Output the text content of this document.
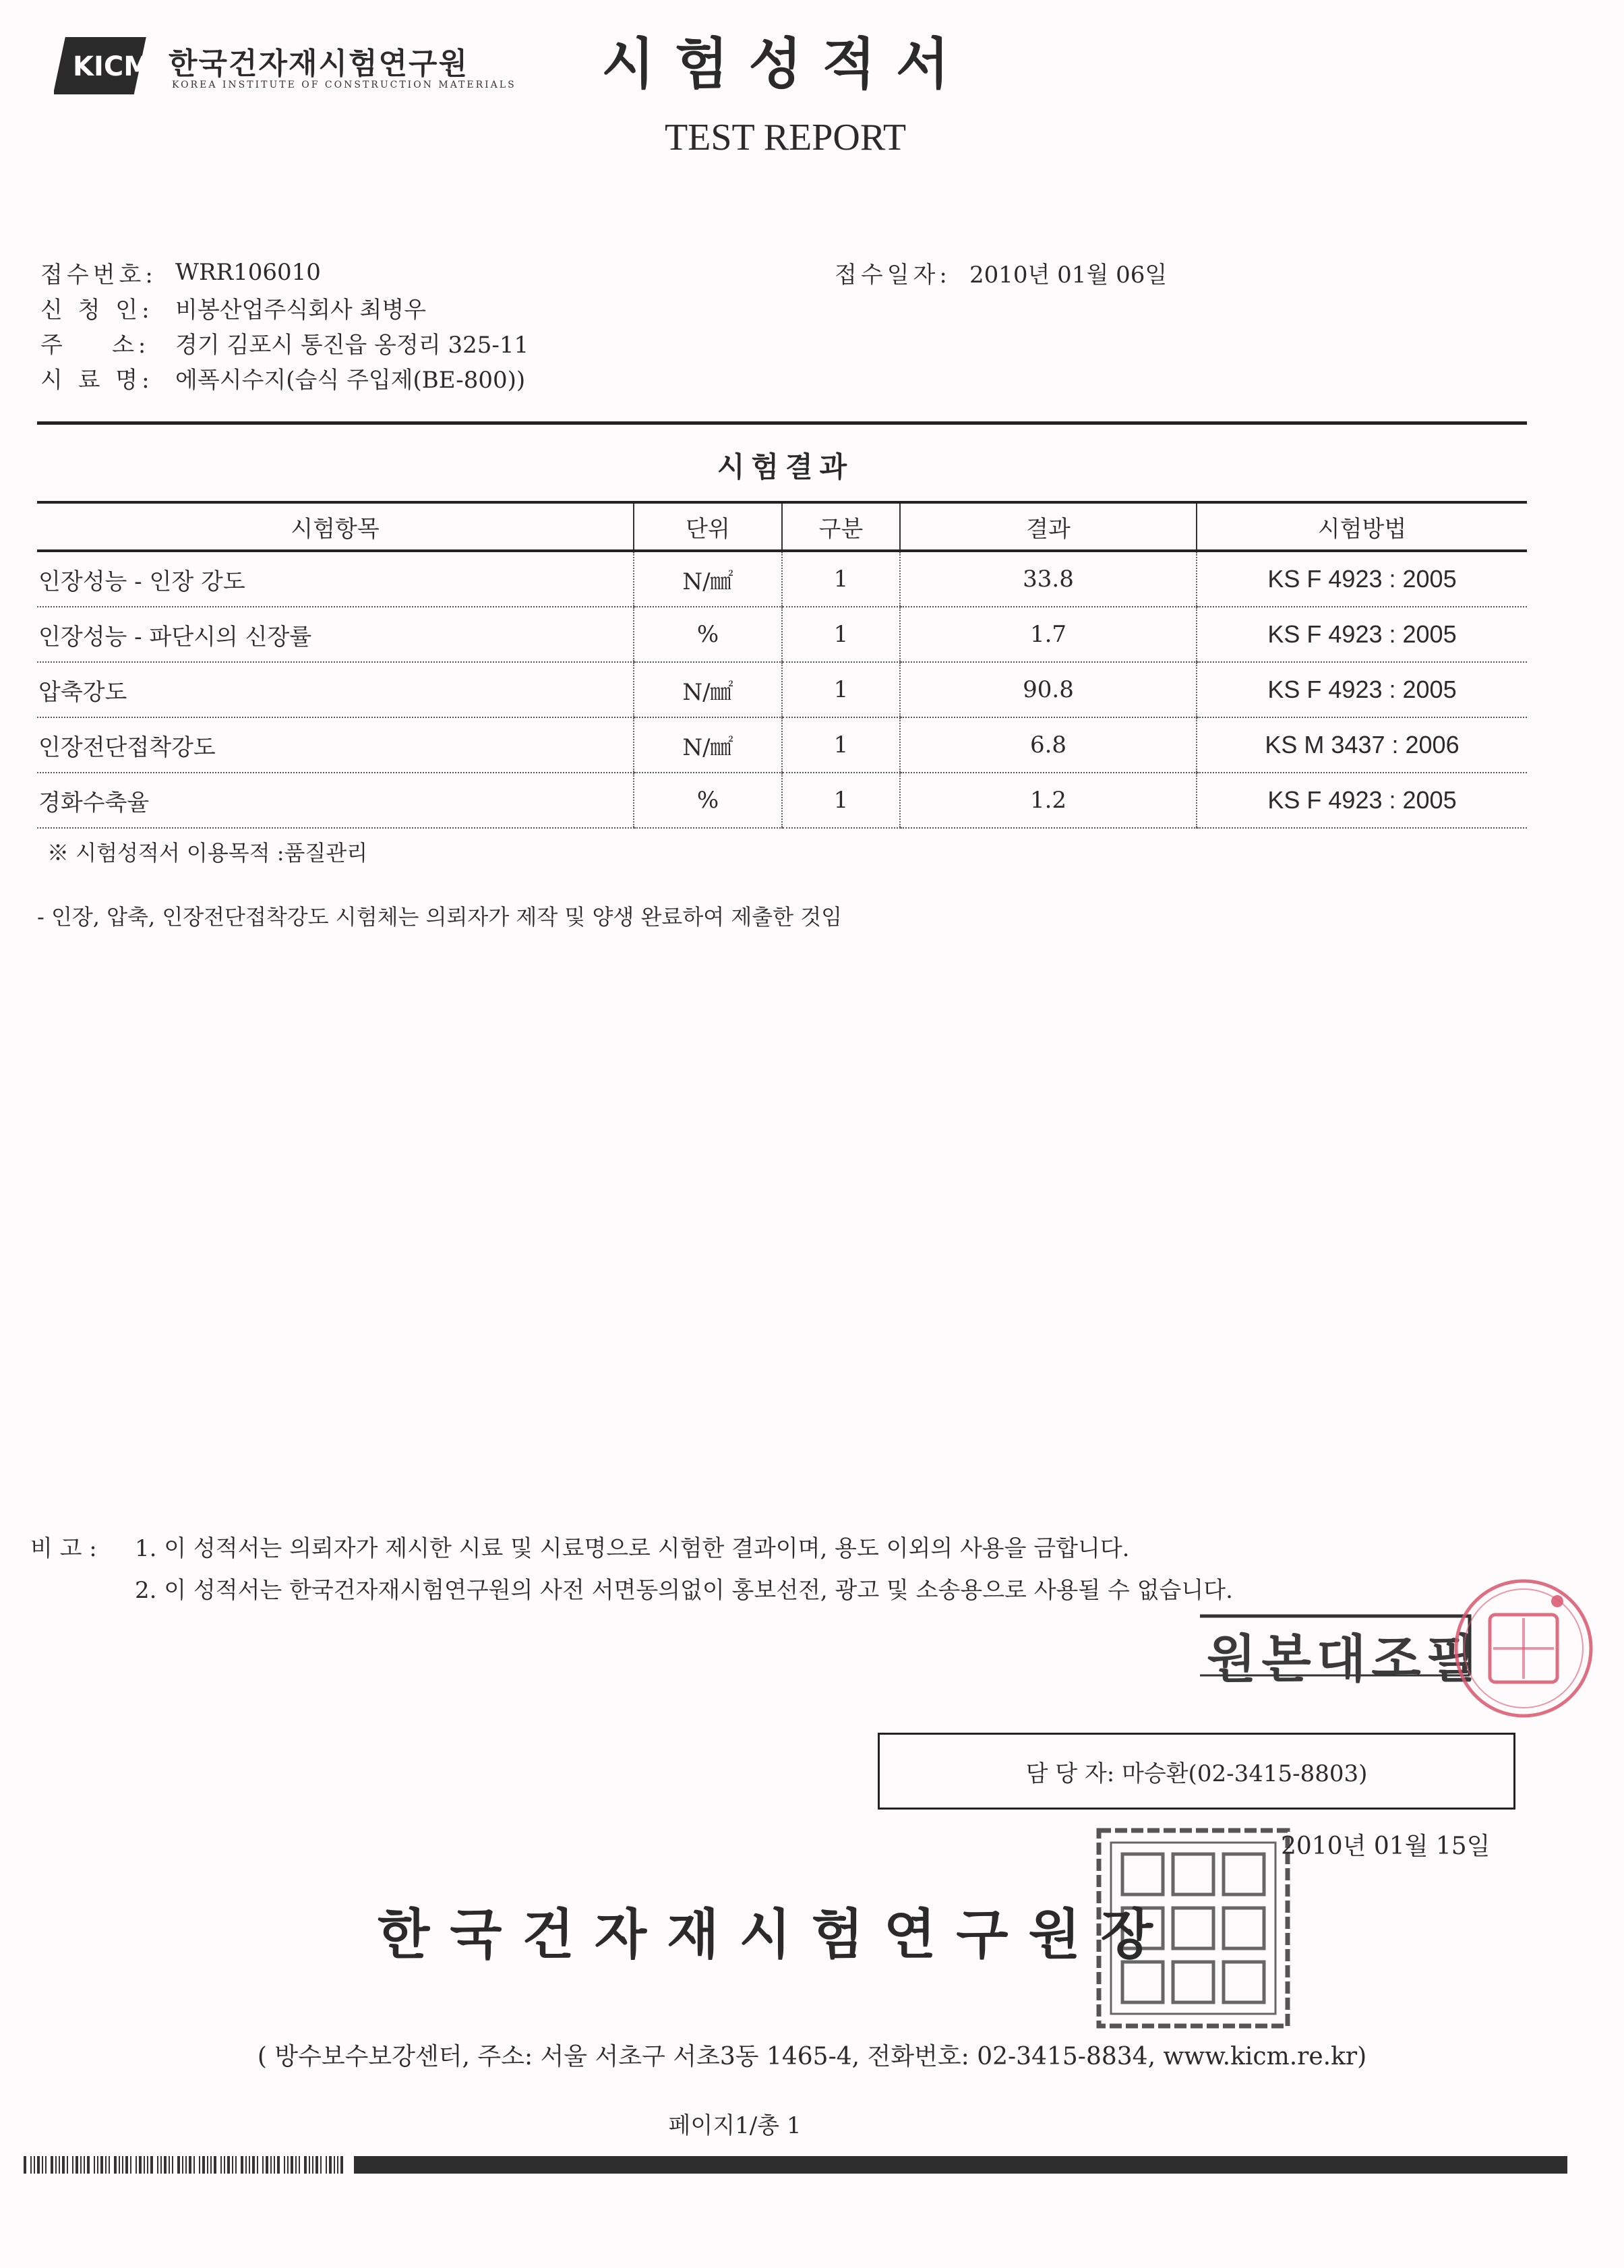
KICM 한국건자재시험연구원
KOREA INSTITUTE OF CONSTRUCTION MATERIALS	시험성적서
TEST REPORT
접수번호: WRR106010
신 청 인: 비봉산업주식회사 최병우
주    소:	경기 김포시 통진읍 옹정리 325-11
시 료 명: 에폭시수지(습식 주입제(BE-800))
접수일자: 2010년 01월 06일
시험결과
시험항목	단위	구분	결과	시험방법
인장성능 - 인장 강도	N/㎟	1	33.8	KS F 4923 : 2005
인장성능 - 파단시의 신장률	%	1	1.7	KS F 4923 : 2005
압축강도	N/㎟	1	90.8	KS F 4923 : 2005
인장전단접착강도	N/㎟	1	6.8	KS M 3437 : 2006
경화수축율	%	1	1.2	KS F 4923 : 2005
※ 시험성적서 이용목적 :품질관리
- 인장, 압축, 인장전단접착강도 시험체는 의뢰자가 제작 및 양생 완료하여 제출한 것임
비 고 :	1. 이 성적서는 의뢰자가 제시한 시료 및 시료명으로 시험한 결과이며, 용도 이외의 사용을 금합니다.
2. 이 성적서는 한국건자재시험연구원의 사전 서면동의없이 홍보선전, 광고 및 소송용으로 사용될 수 없습니다.
원본대조필
담 당 자: 마승환(02-3415-8803)
2010년 01월 15일
한국건자재시험연구원장
( 방수보수보강센터, 주소: 서울 서초구 서초3동 1465-4, 전화번호: 02-3415-8834, www.kicm.re.kr)
페이지1/총 1
